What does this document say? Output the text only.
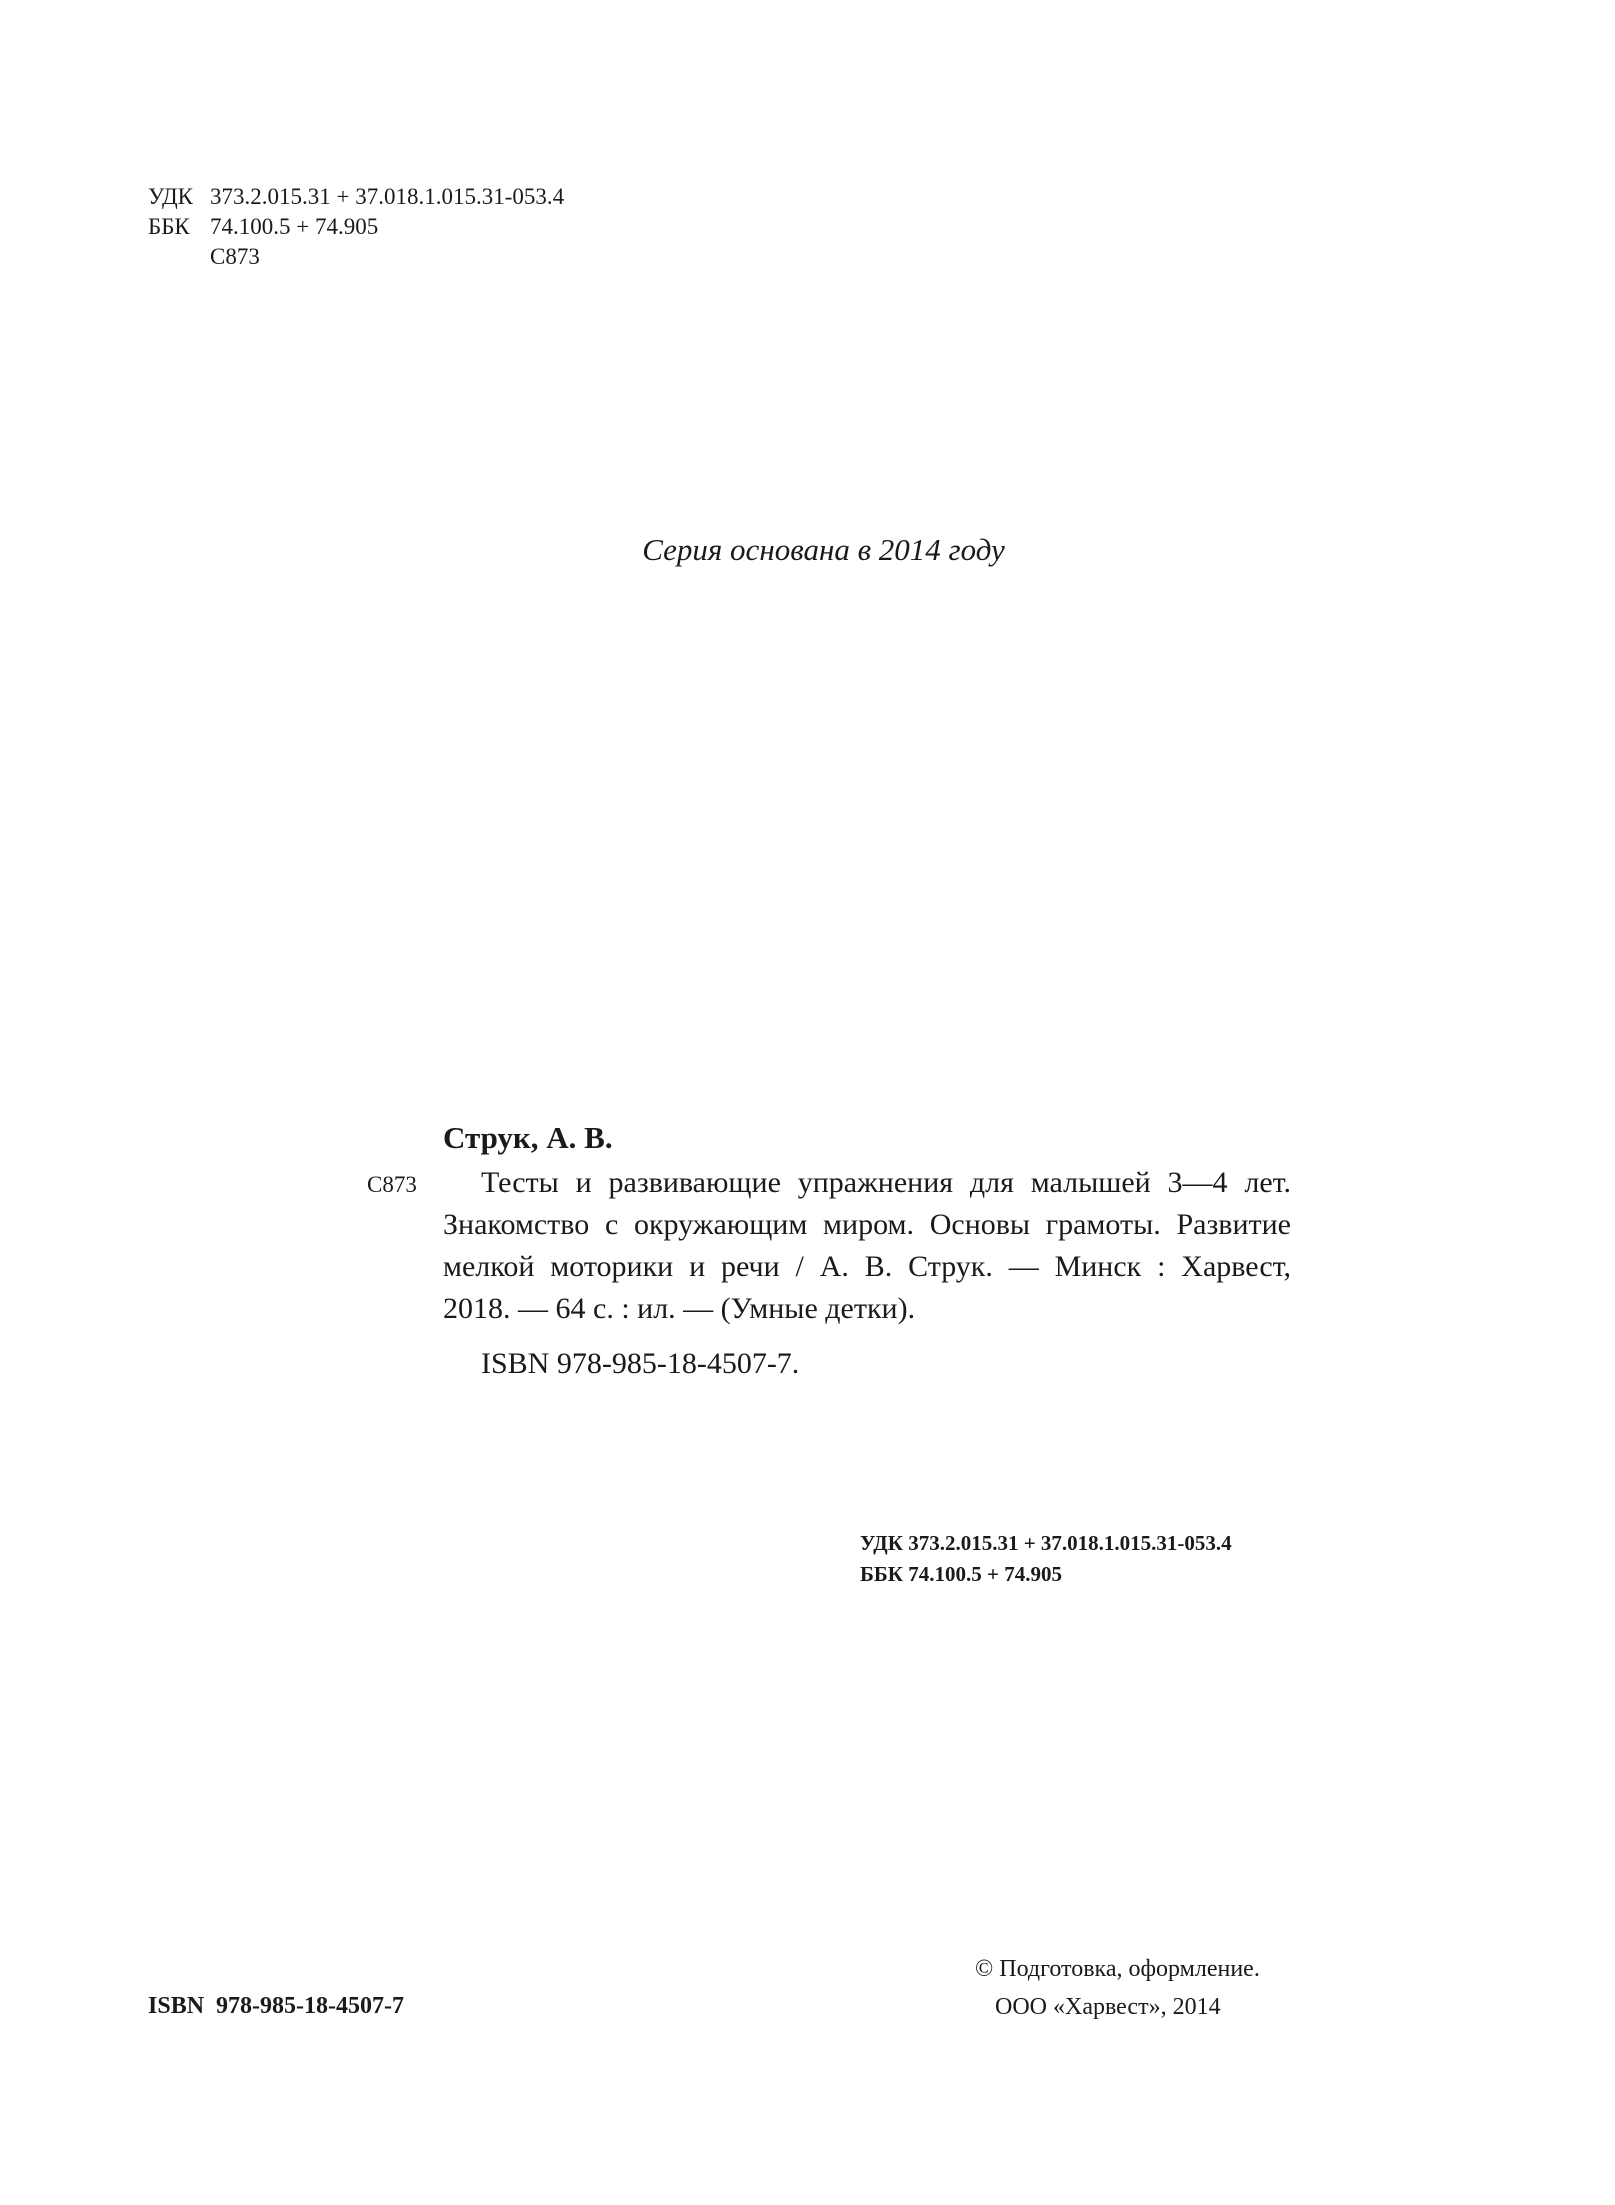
УДК 373.2.015.31 + 37.018.1.015.31-053.4
ББК 74.100.5 + 74.905
С873
Серия основана в 2014 году
Струк, А. В.
С873	Тесты и развивающие упражнения для малышей 3—4 лет.
Знакомство с окружающим миром. Основы грамоты. Развитие
мелкой моторики и речи / А. В. Струк. — Минск : Харвест,
2018. — 64 с. : ил. — (Умные детки).
ISBN 978-985-18-4507-7.
УДК 373.2.015.31 + 37.018.1.015.31-053.4
ББК 74.100.5 + 74.905
ISBN  978-985-18-4507-7
© Подготовка, оформление.
ООО «Харвест», 2014
